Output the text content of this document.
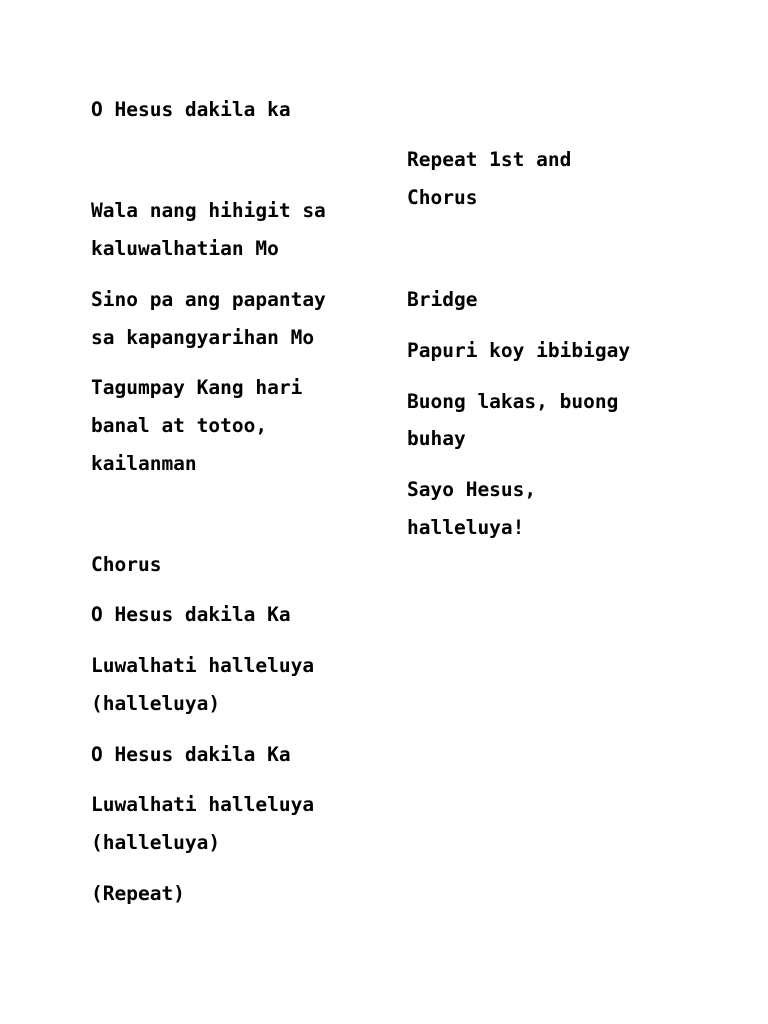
O Hesus dakila ka
Wala nang hihigit sa
kaluwalhatian Mo
Sino pa ang papantay
sa kapangyarihan Mo
Tagumpay Kang hari
banal at totoo,
kailanman
Chorus
O Hesus dakila Ka
Luwalhati halleluya
(halleluya)
O Hesus dakila Ka
Luwalhati halleluya
(halleluya)
(Repeat)
Repeat 1st and
Chorus
Bridge
Papuri koy ibibigay
Buong lakas, buong
buhay
Sayo Hesus,
halleluya!
